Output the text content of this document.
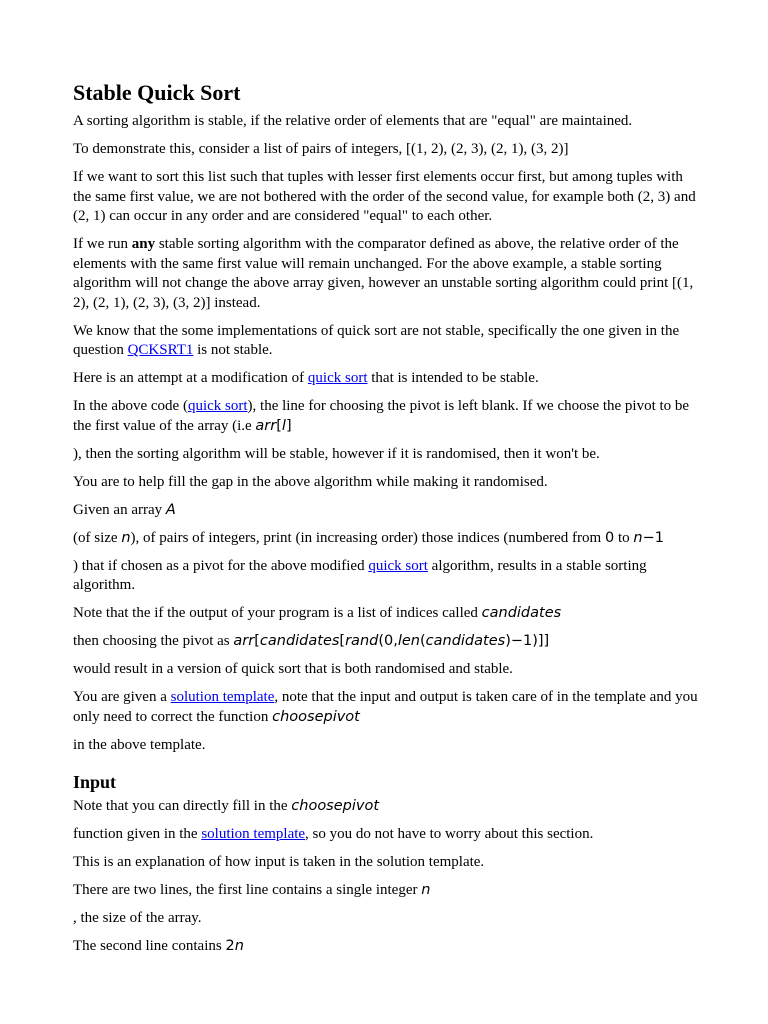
Stable Quick Sort

A sorting algorithm is stable, if the relative order of elements that are "equal" are maintained.

To demonstrate this, consider a list of pairs of integers, [(1, 2), (2, 3), (2, 1), (3, 2)]

If we want to sort this list such that tuples with lesser first elements occur first, but among tuples with the same first value, we are not bothered with the order of the second value, for example both (2, 3) and (2, 1) can occur in any order and are considered "equal" to each other.

If we run any stable sorting algorithm with the comparator defined as above, the relative order of the elements with the same first value will remain unchanged. For the above example, a stable sorting algorithm will not change the above array given, however an unstable sorting algorithm could print [(1, 2), (2, 1), (2, 3), (3, 2)] instead.

We know that the some implementations of quick sort are not stable, specifically the one given in the question QCKSRT1 is not stable.

Here is an attempt at a modification of quick sort that is intended to be stable.

In the above code (quick sort), the line for choosing the pivot is left blank. If we choose the pivot to be the first value of the array (i.e arr[l]

), then the sorting algorithm will be stable, however if it is randomised, then it won't be.

You are to help fill the gap in the above algorithm while making it randomised.

Given an array A

(of size n), of pairs of integers, print (in increasing order) those indices (numbered from 0 to n−1

) that if chosen as a pivot for the above modified quick sort algorithm, results in a stable sorting algorithm.

Note that the if the output of your program is a list of indices called candidates

then choosing the pivot as arr[candidates[rand(0,len(candidates)−1)]]

would result in a version of quick sort that is both randomised and stable.

You are given a solution template, note that the input and output is taken care of in the template and you only need to correct the function choosepivot

in the above template.

Input

Note that you can directly fill in the choosepivot

function given in the solution template, so you do not have to worry about this section.

This is an explanation of how input is taken in the solution template.

There are two lines, the first line contains a single integer n

, the size of the array.

The second line contains 2n
